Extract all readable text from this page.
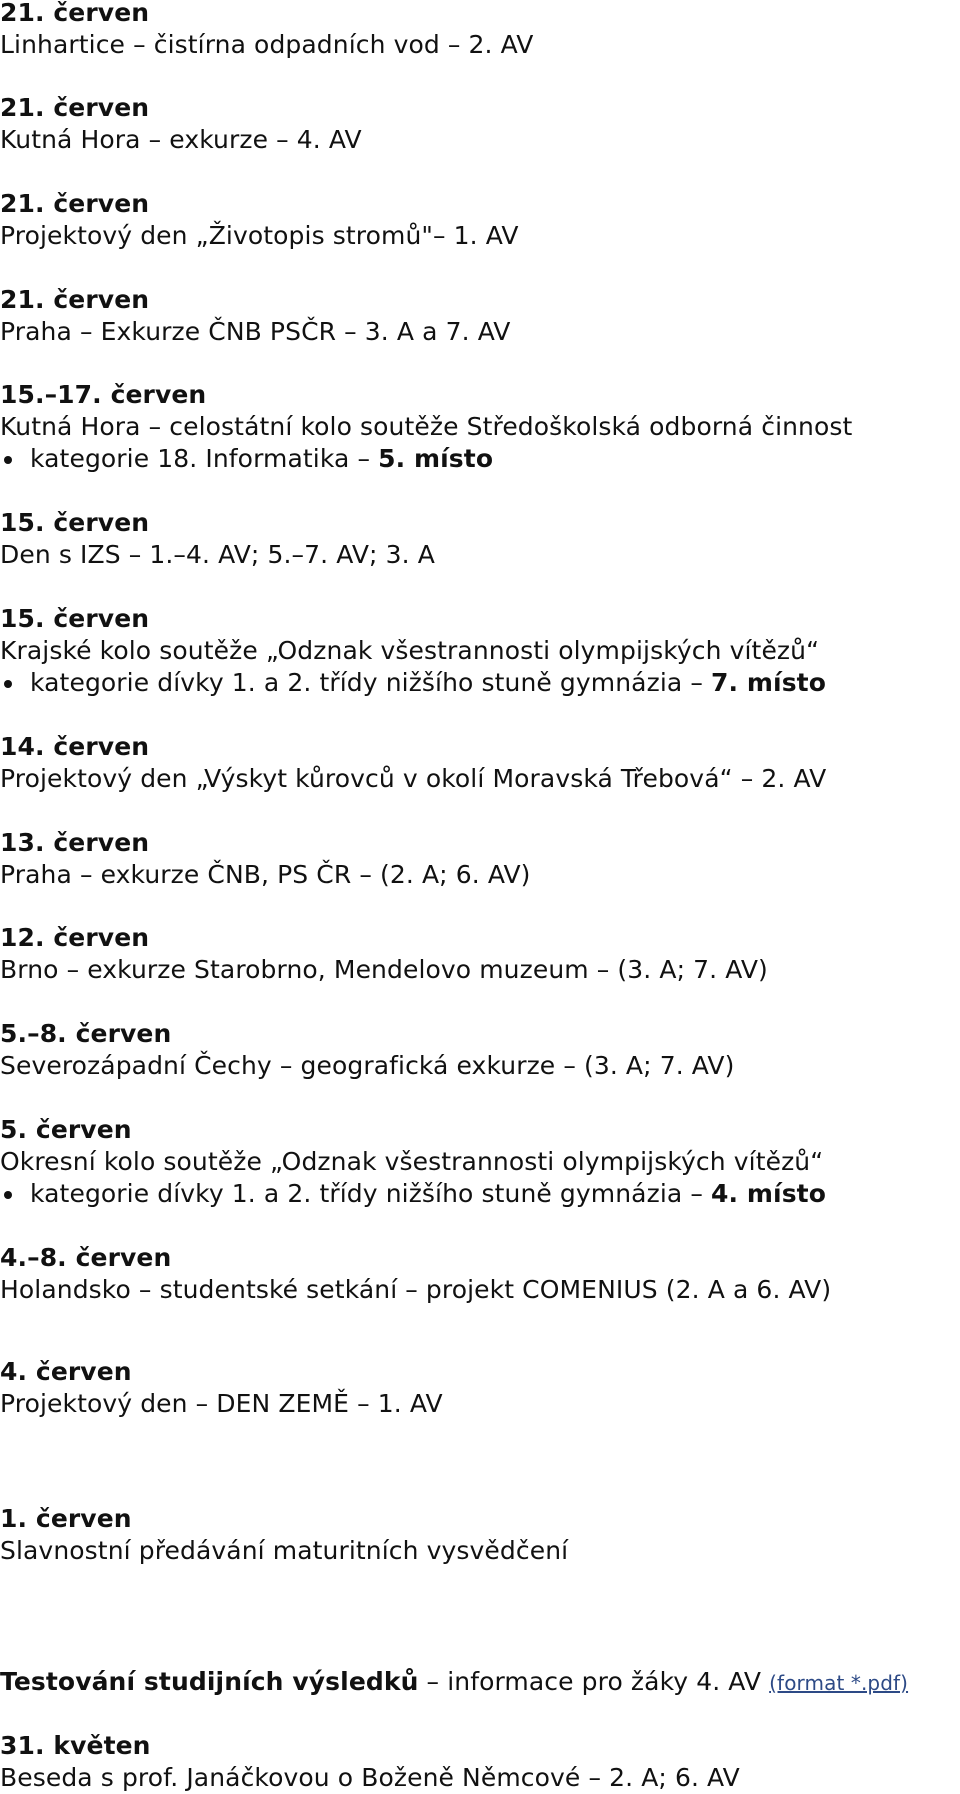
21. červen
Linhartice – čistírna odpadních vod – 2. AV
21. červen
Kutná Hora – exkurze – 4. AV
21. červen
Projektový den „Životopis stromů"– 1. AV
21. červen
Praha – Exkurze ČNB PSČR – 3. A a 7. AV
15.–17. červen
Kutná Hora – celostátní kolo soutěže Středoškolská odborná činnost
kategorie 18. Informatika – 5. místo
15. červen
Den s IZS – 1.–4. AV; 5.–7. AV; 3. A
15. červen
Krajské kolo soutěže „Odznak všestrannosti olympijských vítězů“
kategorie dívky 1. a 2. třídy nižšího stuně gymnázia – 7. místo
14. červen
Projektový den „Výskyt kůrovců v okolí Moravská Třebová“ – 2. AV
13. červen
Praha – exkurze ČNB, PS ČR – (2. A; 6. AV)
12. červen
Brno – exkurze Starobrno, Mendelovo muzeum – (3. A; 7. AV)
5.–8. červen
Severozápadní Čechy – geografická exkurze – (3. A; 7. AV)
5. červen
Okresní kolo soutěže „Odznak všestrannosti olympijských vítězů“
kategorie dívky 1. a 2. třídy nižšího stuně gymnázia – 4. místo
4.–8. červen
Holandsko – studentské setkání – projekt COMENIUS (2. A a 6. AV)
4. červen
Projektový den – DEN ZEMĚ – 1. AV
1. červen
Slavnostní předávání maturitních vysvědčení
Testování studijních výsledků – informace pro žáky 4. AV (format *.pdf)
31. květen
Beseda s prof. Janáčkovou o Boženě Němcové – 2. A; 6. AV
